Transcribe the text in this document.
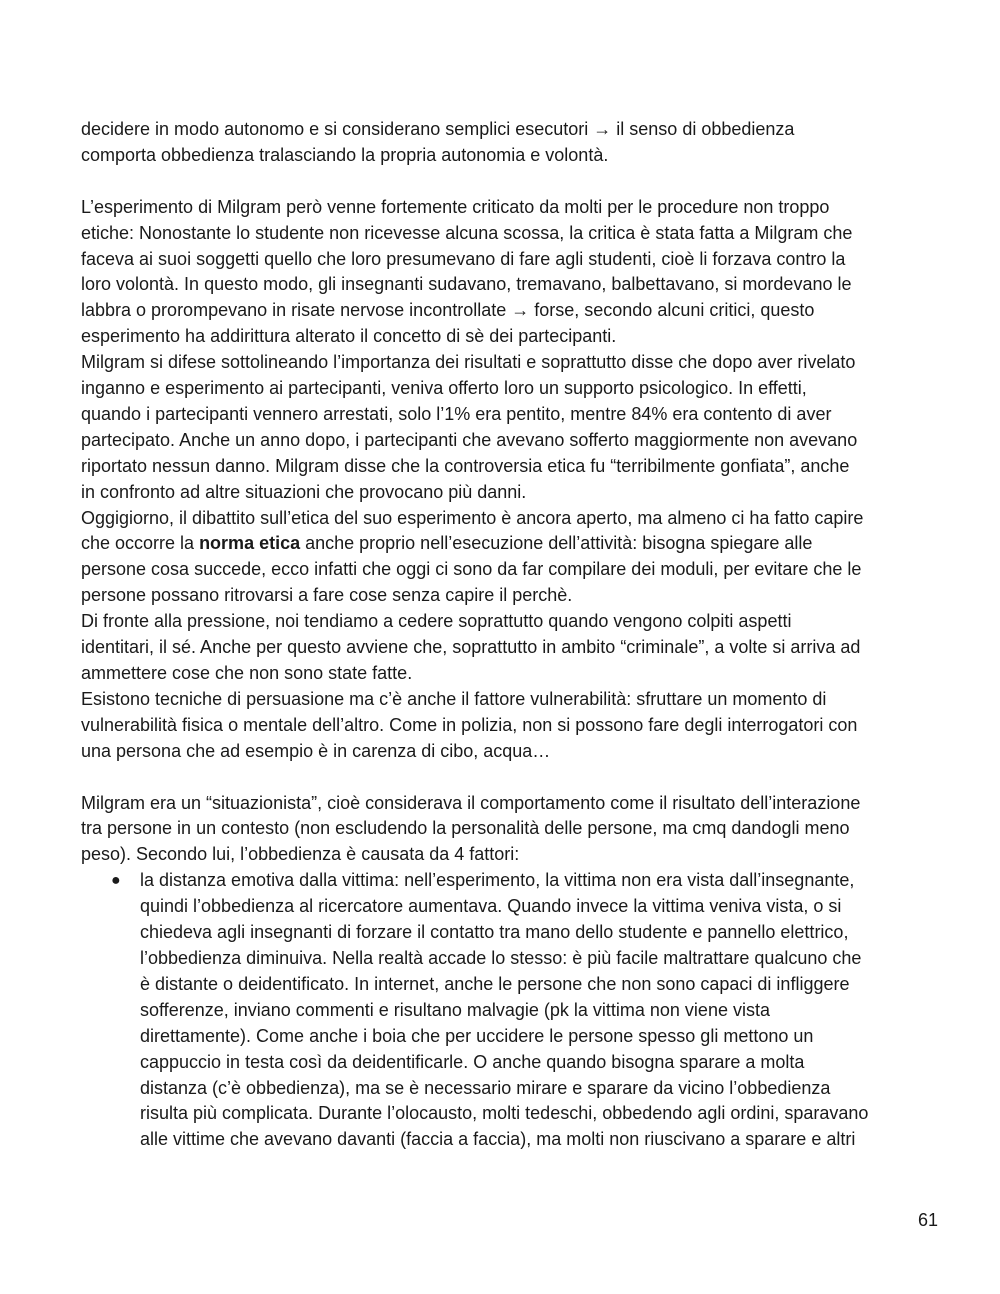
decidere in modo autonomo e si considerano semplici esecutori → il senso di obbedienza
comporta obbedienza tralasciando la propria autonomia e volontà.

L’esperimento di Milgram però venne fortemente criticato da molti per le procedure non troppo
etiche: Nonostante lo studente non ricevesse alcuna scossa, la critica è stata fatta a Milgram che
faceva ai suoi soggetti quello che loro presumevano di fare agli studenti, cioè li forzava contro la
loro volontà. In questo modo, gli insegnanti sudavano, tremavano, balbettavano, si mordevano le
labbra o prorompevano in risate nervose incontrollate → forse, secondo alcuni critici, questo
esperimento ha addirittura alterato il concetto di sè dei partecipanti.

Milgram si difese sottolineando l’importanza dei risultati e soprattutto disse che dopo aver rivelato
inganno e esperimento ai partecipanti, veniva offerto loro un supporto psicologico. In effetti,
quando i partecipanti vennero arrestati, solo l’1% era pentito, mentre 84% era contento di aver
partecipato. Anche un anno dopo, i partecipanti che avevano sofferto maggiormente non avevano
riportato nessun danno. Milgram disse che la controversia etica fu “terribilmente gonfiata”, anche
in confronto ad altre situazioni che provocano più danni.

Oggigiorno, il dibattito sull’etica del suo esperimento è ancora aperto, ma almeno ci ha fatto capire
che occorre la norma etica anche proprio nell’esecuzione dell’attività: bisogna spiegare alle
persone cosa succede, ecco infatti che oggi ci sono da far compilare dei moduli, per evitare che le
persone possano ritrovarsi a fare cose senza capire il perchè.

Di fronte alla pressione, noi tendiamo a cedere soprattutto quando vengono colpiti aspetti
identitari, il sé. Anche per questo avviene che, soprattutto in ambito “criminale”, a volte si arriva ad
ammettere cose che non sono state fatte.

Esistono tecniche di persuasione ma c’è anche il fattore vulnerabilità: sfruttare un momento di
vulnerabilità fisica o mentale dell’altro. Come in polizia, non si possono fare degli interrogatori con
una persona che ad esempio è in carenza di cibo, acqua…

Milgram era un “situazionista”, cioè considerava il comportamento come il risultato dell’interazione
tra persone in un contesto (non escludendo la personalità delle persone, ma cmq dandogli meno
peso). Secondo lui, l’obbedienza è causata da 4 fattori:

● la distanza emotiva dalla vittima: nell’esperimento, la vittima non era vista dall’insegnante,
quindi l’obbedienza al ricercatore aumentava. Quando invece la vittima veniva vista, o si
chiedeva agli insegnanti di forzare il contatto tra mano dello studente e pannello elettrico,
l’obbedienza diminuiva. Nella realtà accade lo stesso: è più facile maltrattare qualcuno che
è distante o deidentificato. In internet, anche le persone che non sono capaci di infliggere
sofferenze, inviano commenti e risultano malvagie (pk la vittima non viene vista
direttamente). Come anche i boia che per uccidere le persone spesso gli mettono un
cappuccio in testa così da deidentificarle. O anche quando bisogna sparare a molta
distanza (c’è obbedienza), ma se è necessario mirare e sparare da vicino l’obbedienza
risulta più complicata. Durante l’olocausto, molti tedeschi, obbedendo agli ordini, sparavano
alle vittime che avevano davanti (faccia a faccia), ma molti non riuscivano a sparare e altri
61
